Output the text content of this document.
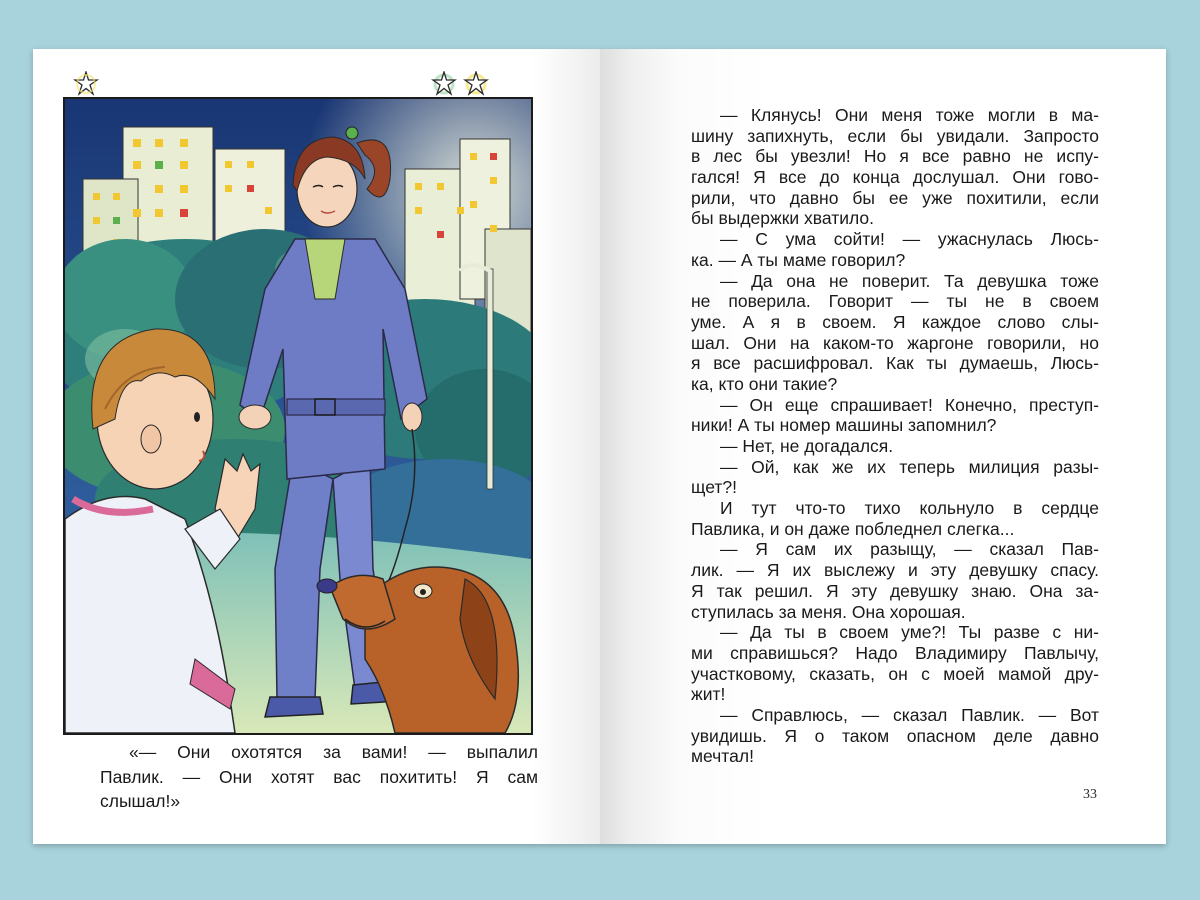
«— Они охотятся за вами! — выпалил
Павлик. — Они хотят вас похитить! Я сам
слышал!»
— Клянусь! Они меня тоже могли в ма-
шину запихнуть, если бы увидали. Запросто
в лес бы увезли! Но я все равно не испу-
гался! Я все до конца дослушал. Они гово-
рили, что давно бы ее уже похитили, если
бы выдержки хватило.
— С ума сойти! — ужаснулась Люсь-
ка. — А ты маме говорил?
— Да она не поверит. Та девушка тоже
не поверила. Говорит — ты не в своем
уме. А я в своем. Я каждое слово слы-
шал. Они на каком-то жаргоне говорили, но
я все расшифровал. Как ты думаешь, Люсь-
ка, кто они такие?
— Он еще спрашивает! Конечно, преступ-
ники! А ты номер машины запомнил?
— Нет, не догадался.
— Ой, как же их теперь милиция разы-
щет?!
И тут что-то тихо кольнуло в сердце
Павлика, и он даже побледнел слегка...
— Я сам их разыщу, — сказал Пав-
лик. — Я их выслежу и эту девушку спасу.
Я так решил. Я эту девушку знаю. Она за-
ступилась за меня. Она хорошая.
— Да ты в своем уме?! Ты разве с ни-
ми справишься? Надо Владимиру Павлычу,
участковому, сказать, он с моей мамой дру-
жит!
— Справлюсь, — сказал Павлик. — Вот
увидишь. Я о таком опасном деле давно
мечтал!
33
